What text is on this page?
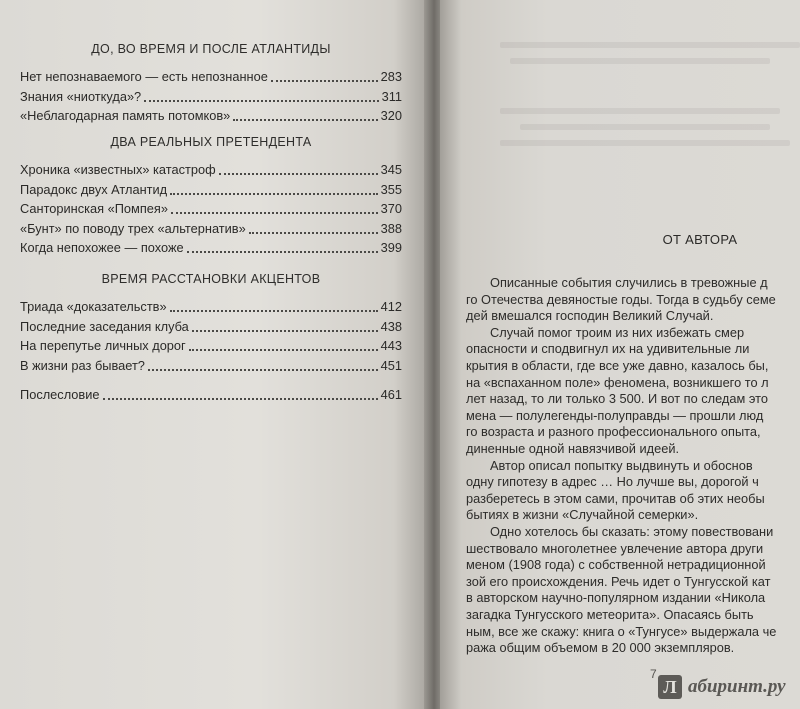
ДО, ВО ВРЕМЯ И ПОСЛЕ АТЛАНТИДЫ
Нет непознаваемого — есть непознанное	283
Знания «ниоткуда»?	311
«Неблагодарная память потомков»	320
ДВА РЕАЛЬНЫХ ПРЕТЕНДЕНТА
Хроника «известных» катастроф	345
Парадокс двух Атлантид	355
Санторинская «Помпея»	370
«Бунт» по поводу трех «альтернатив»	388
Когда непохожее — похоже	399
ВРЕМЯ РАССТАНОВКИ АКЦЕНТОВ
Триада «доказательств»	412
Последние заседания клуба	438
На перепутье личных дорог	443
В жизни раз бывает?	451
Послесловие	461
ОТ АВТОРА
Описанные события случились в тревожные д
го Отечества девяностые годы. Тогда в судьбу семе
дей вмешался господин Великий Случай.
Случай помог троим из них избежать смер
опасности и сподвигнул их на удивительные ли
крытия в области, где все уже давно, казалось бы,
на «вспаханном поле» феномена, возникшего то л
лет назад, то ли только 3 500. И вот по следам это
мена — полулегенды-полуправды — прошли люд
го возраста и разного профессионального опыта,
диненные одной навязчивой идеей.
Автор описал попытку выдвинуть и обоснов
одну гипотезу в адрес … Но лучше вы, дорогой ч
разберетесь в этом сами, прочитав об этих необы
бытиях в жизни «Случайной семерки».
Одно хотелось бы сказать: этому повествовани
шествовало многолетнее увлечение автора други
меном (1908 года) с собственной нетрадиционной
зой его происхождения. Речь идет о Тунгусской кат
в авторском научно-популярном издании «Никола
загадка Тунгусского метеорита». Опасаясь быть
ным, все же скажу: книга о «Тунгусе» выдержала че
ража общим объемом в 20 000 экземпляров.
7
Л абиринт.ру
